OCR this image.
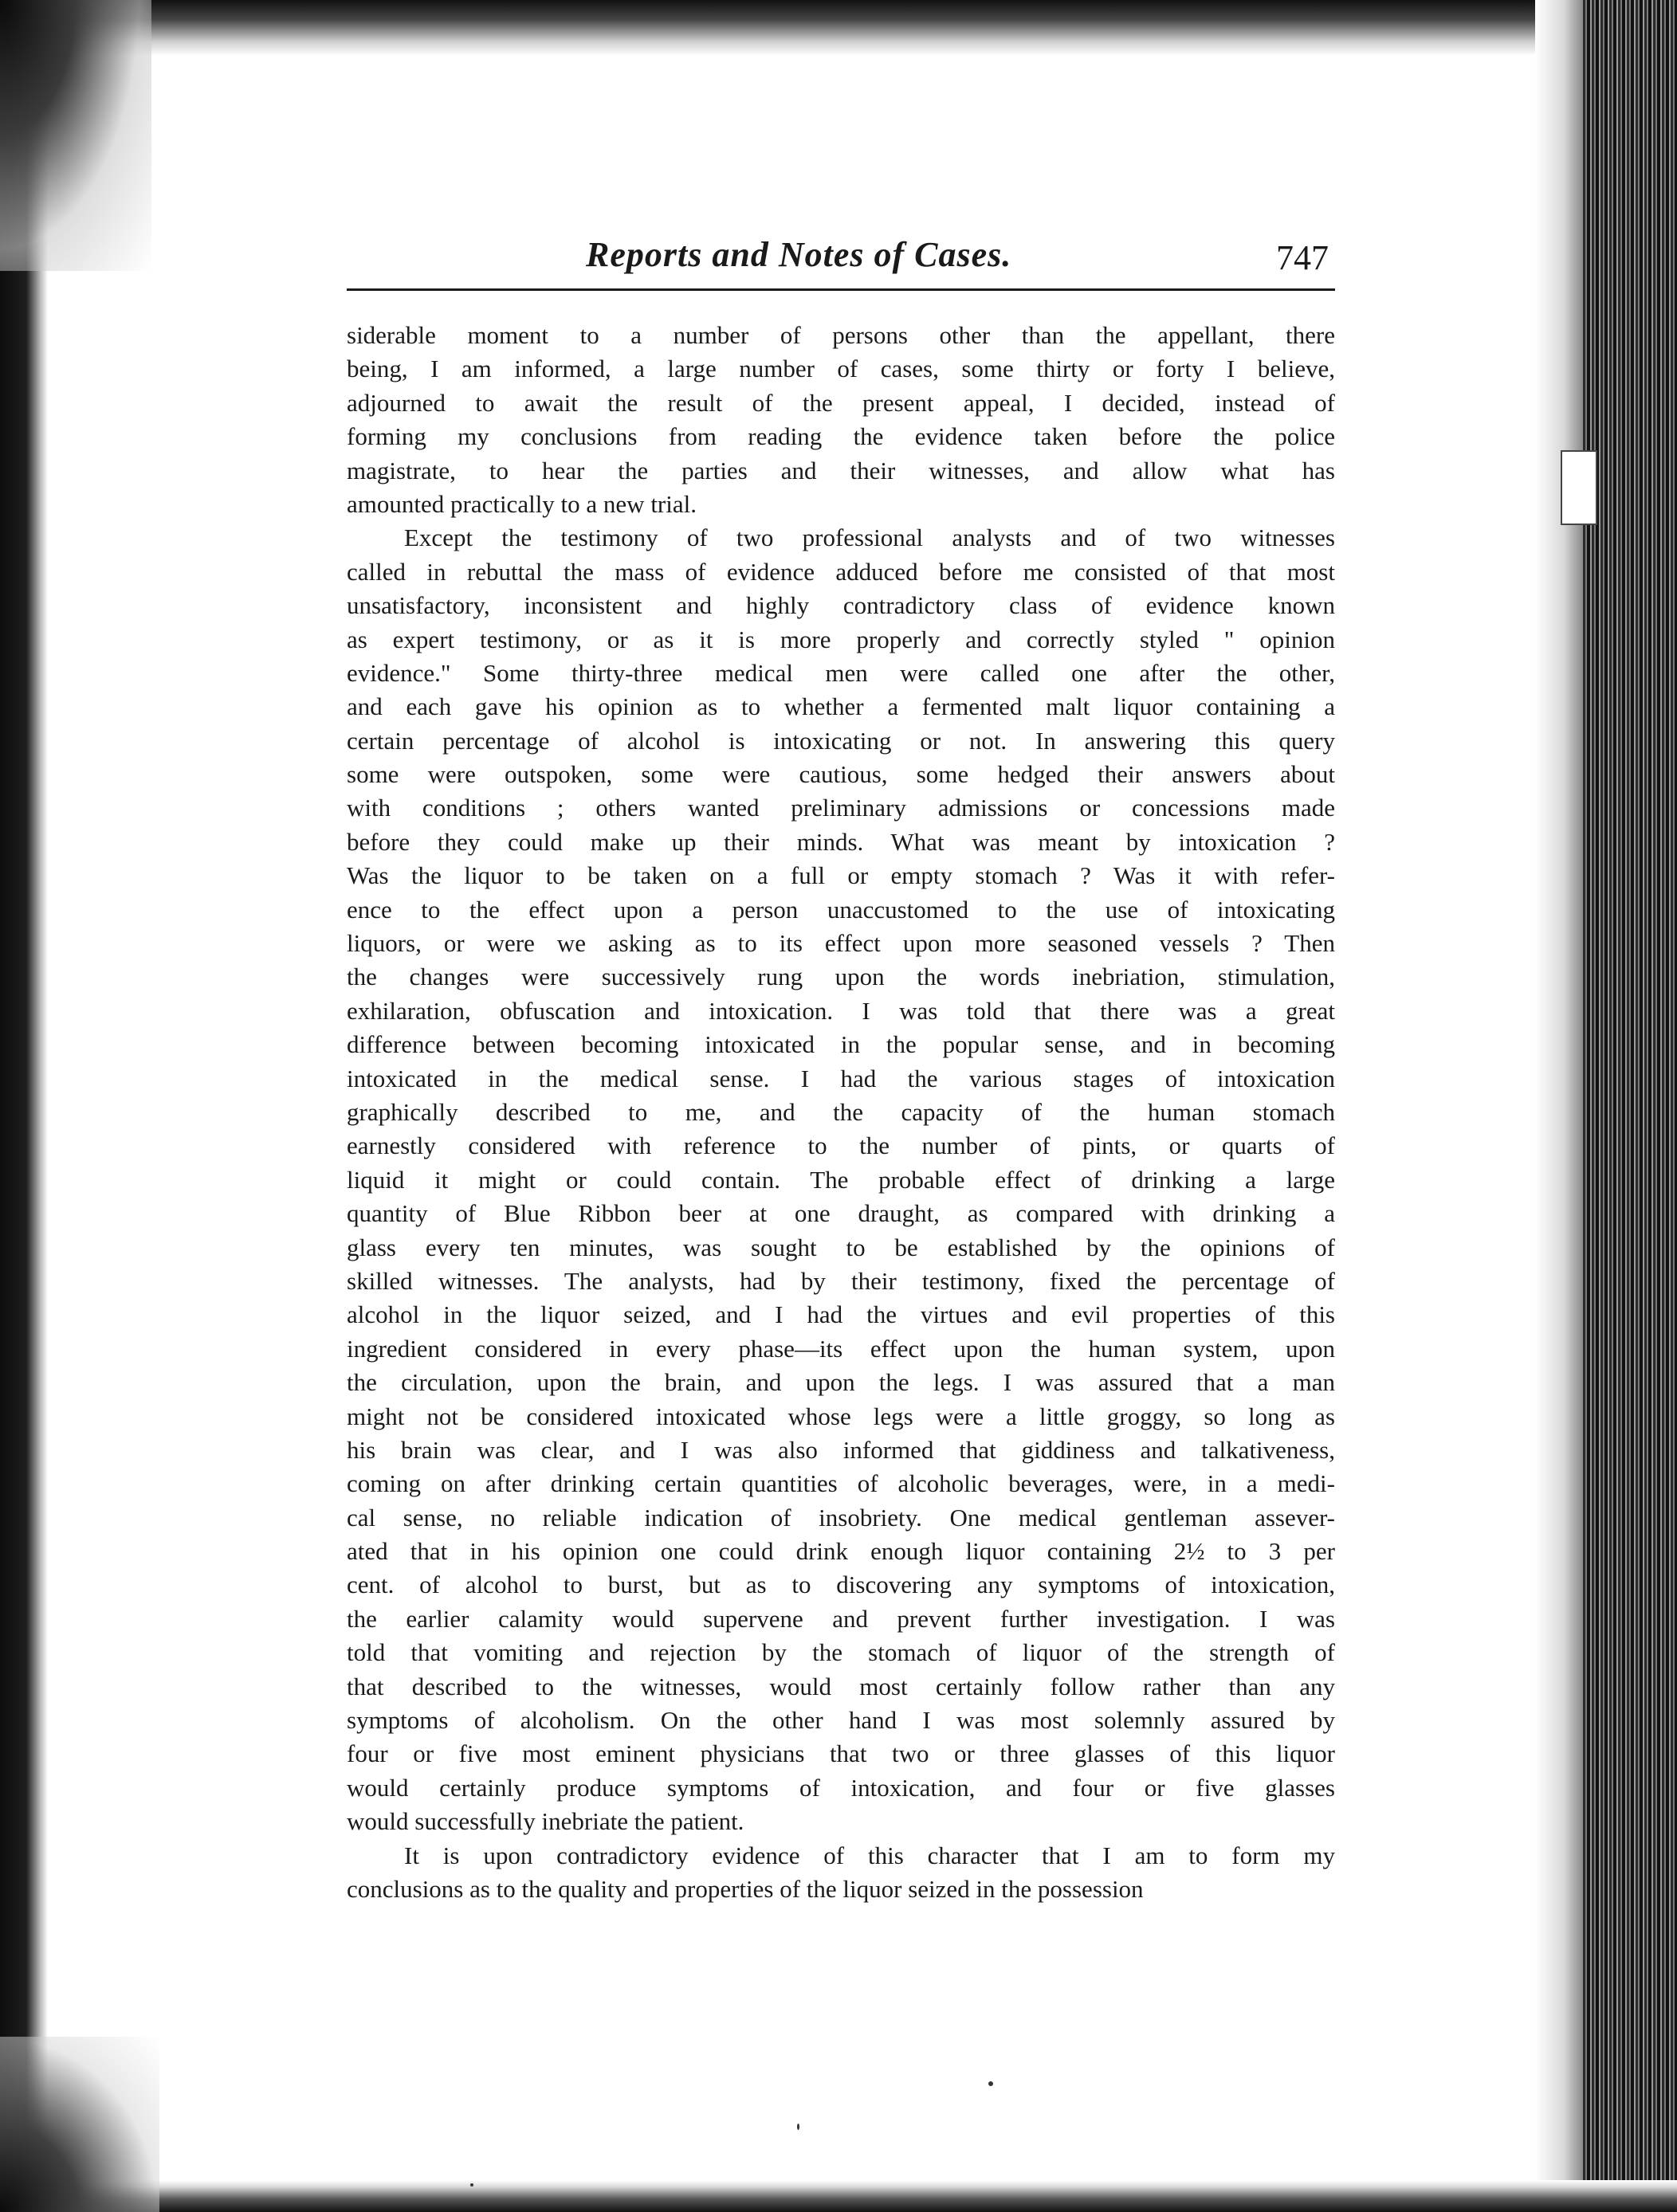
Reports and Notes of Cases.	747

siderable moment to a number of persons other than the appellant, there
being, I am informed, a large number of cases, some thirty or forty I believe,
adjourned to await the result of the present appeal, I decided, instead of
forming my conclusions from reading the evidence taken before the police
magistrate, to hear the parties and their witnesses, and allow what has
amounted practically to a new trial.

Except the testimony of two professional analysts and of two witnesses
called in rebuttal the mass of evidence adduced before me consisted of that most
unsatisfactory, inconsistent and highly contradictory class of evidence known
as expert testimony, or as it is more properly and correctly styled " opinion
evidence." Some thirty-three medical men were called one after the other,
and each gave his opinion as to whether a fermented malt liquor containing a
certain percentage of alcohol is intoxicating or not. In answering this query
some were outspoken, some were cautious, some hedged their answers about
with conditions ; others wanted preliminary admissions or concessions made
before they could make up their minds. What was meant by intoxication ?
Was the liquor to be taken on a full or empty stomach ? Was it with refer-
ence to the effect upon a person unaccustomed to the use of intoxicating
liquors, or were we asking as to its effect upon more seasoned vessels ? Then
the changes were successively rung upon the words inebriation, stimulation,
exhilaration, obfuscation and intoxication. I was told that there was a great
difference between becoming intoxicated in the popular sense, and in becoming
intoxicated in the medical sense. I had the various stages of intoxication
graphically described to me, and the capacity of the human stomach
earnestly considered with reference to the number of pints, or quarts of
liquid it might or could contain. The probable effect of drinking a large
quantity of Blue Ribbon beer at one draught, as compared with drinking a
glass every ten minutes, was sought to be established by the opinions of
skilled witnesses. The analysts, had by their testimony, fixed the percentage of
alcohol in the liquor seized, and I had the virtues and evil properties of this
ingredient considered in every phase—its effect upon the human system, upon
the circulation, upon the brain, and upon the legs. I was assured that a man
might not be considered intoxicated whose legs were a little groggy, so long as
his brain was clear, and I was also informed that giddiness and talkativeness,
coming on after drinking certain quantities of alcoholic beverages, were, in a medi-
cal sense, no reliable indication of insobriety. One medical gentleman assever-
ated that in his opinion one could drink enough liquor containing 2½ to 3 per
cent. of alcohol to burst, but as to discovering any symptoms of intoxication,
the earlier calamity would supervene and prevent further investigation. I was
told that vomiting and rejection by the stomach of liquor of the strength of
that described to the witnesses, would most certainly follow rather than any
symptoms of alcoholism. On the other hand I was most solemnly assured by
four or five most eminent physicians that two or three glasses of this liquor
would certainly produce symptoms of intoxication, and four or five glasses
would successfully inebriate the patient.

It is upon contradictory evidence of this character that I am to form my
conclusions as to the quality and properties of the liquor seized in the possession
